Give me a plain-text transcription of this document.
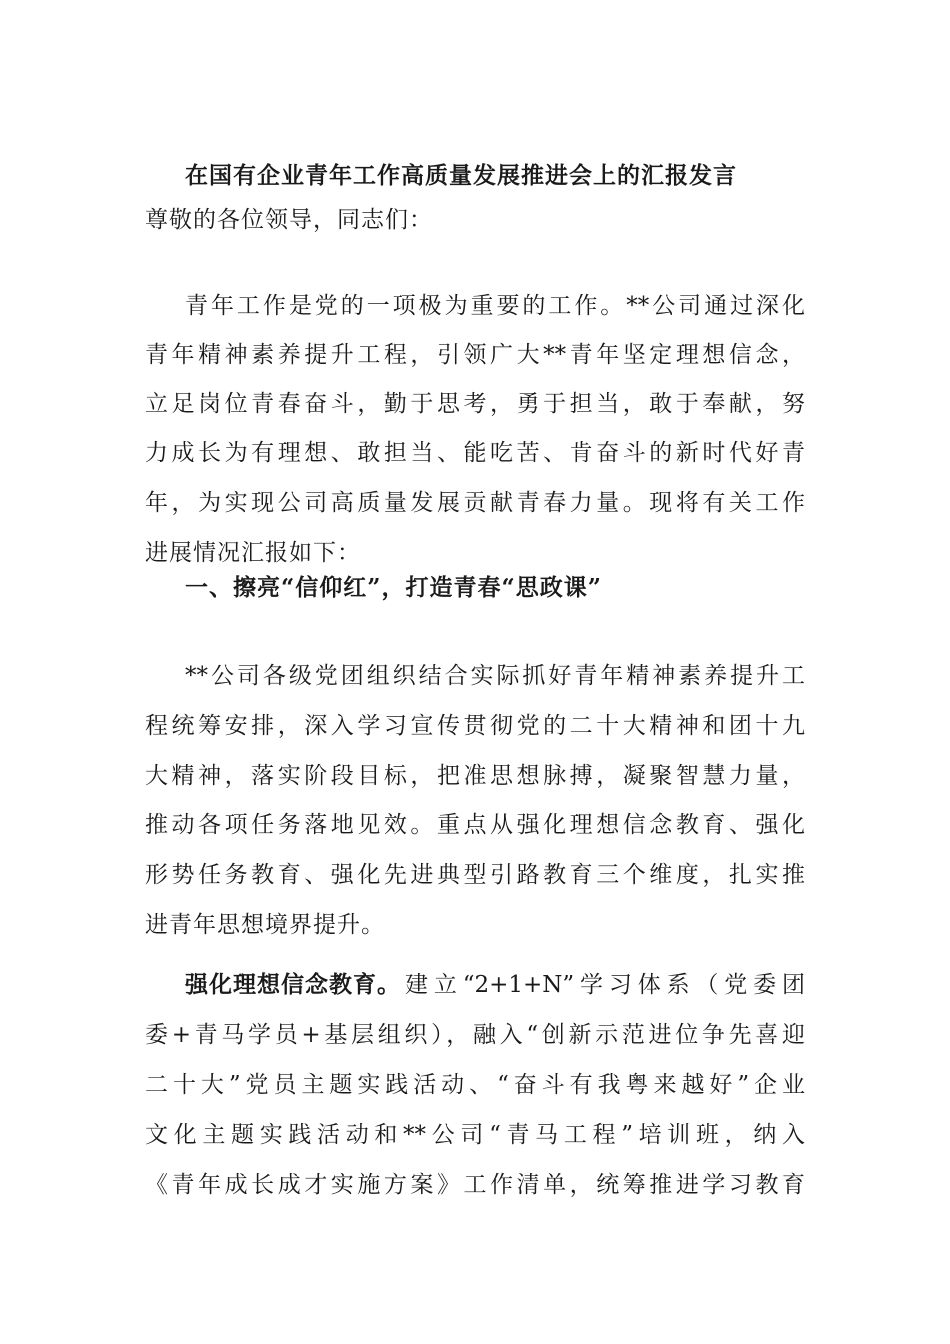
在国有企业青年工作高质量发展推进会上的汇报发言
尊敬的各位领导，同志们：
青年工作是党的一项极为重要的工作。**公司通过深化
青年精神素养提升工程，引领广大**青年坚定理想信念，
立足岗位青春奋斗，勤于思考，勇于担当，敢于奉献，努
力成长为有理想、敢担当、能吃苦、肯奋斗的新时代好青
年，为实现公司高质量发展贡献青春力量。现将有关工作
进展情况汇报如下：
一、擦亮“信仰红”，打造青春“思政课”
**公司各级党团组织结合实际抓好青年精神素养提升工
程统筹安排，深入学习宣传贯彻党的二十大精神和团十九
大精神，落实阶段目标，把准思想脉搏，凝聚智慧力量，
推动各项任务落地见效。重点从强化理想信念教育、强化
形势任务教育、强化先进典型引路教育三个维度，扎实推
进青年思想境界提升。
强化理想信念教育。 建立“2+1+N”学习体系（党委团
委+青马学员+基层组织），融入“创新示范进位争先喜迎
二十大”党员主题实践活动、“奋斗有我粤来越好”企业
文化主题实践活动和**公司“青马工程”培训班，纳入
《青年成长成才实施方案》工作清单，统筹推进学习教育
